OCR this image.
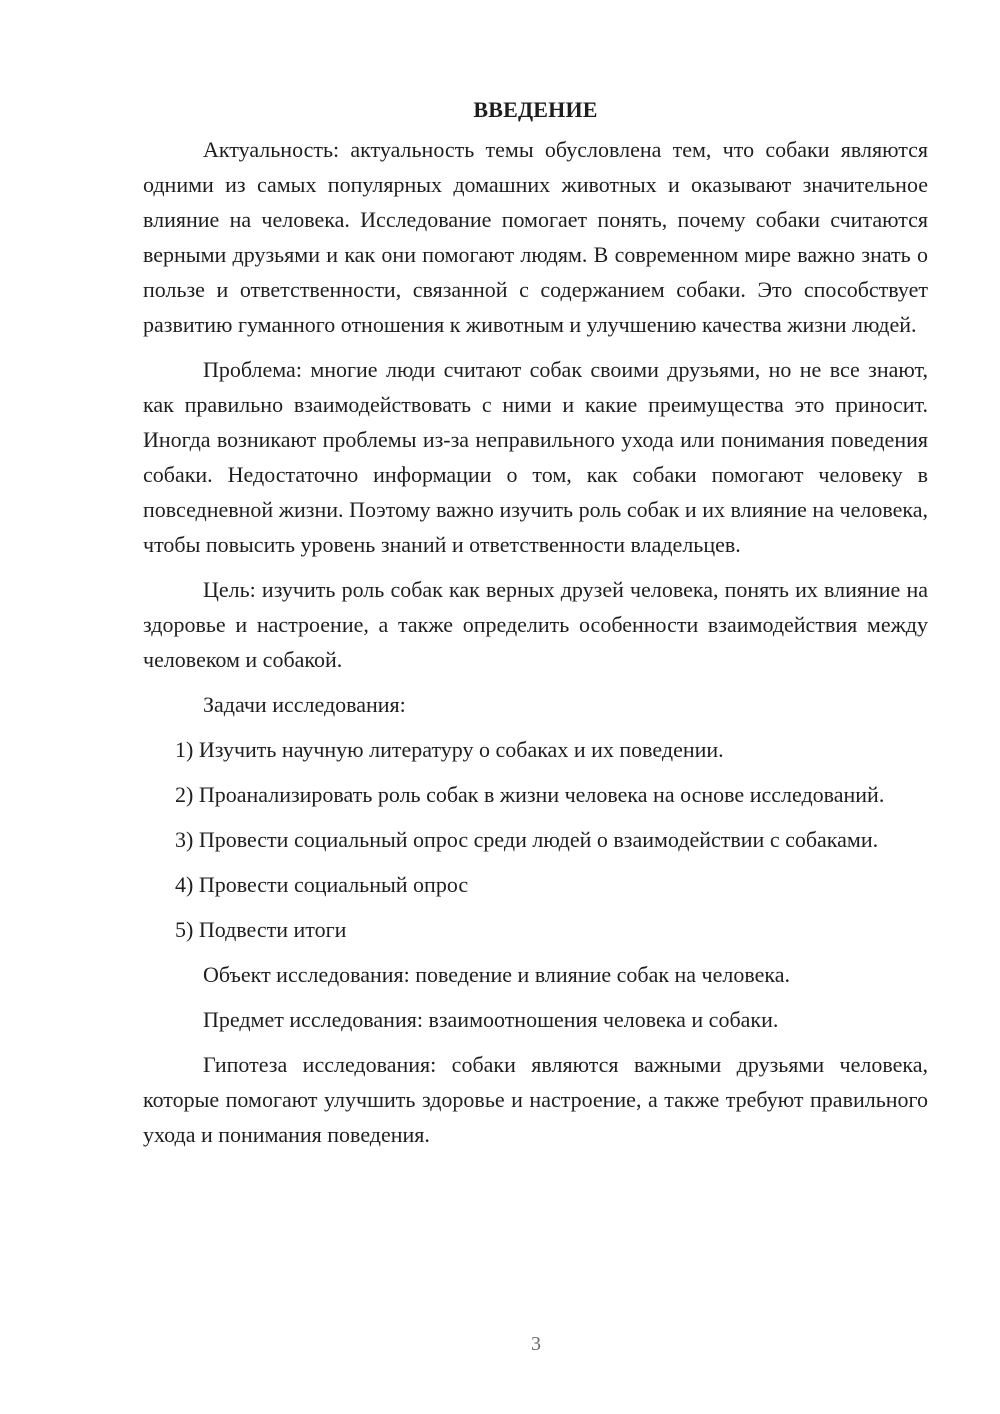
ВВЕДЕНИЕ

Актуальность: актуальность темы обусловлена тем, что собаки являются одними из самых популярных домашних животных и оказывают значительное влияние на человека. Исследование помогает понять, почему собаки считаются верными друзьями и как они помогают людям. В современном мире важно знать о пользе и ответственности, связанной с содержанием собаки. Это способствует развитию гуманного отношения к животным и улучшению качества жизни людей.

Проблема: многие люди считают собак своими друзьями, но не все знают, как правильно взаимодействовать с ними и какие преимущества это приносит. Иногда возникают проблемы из-за неправильного ухода или понимания поведения собаки. Недостаточно информации о том, как собаки помогают человеку в повседневной жизни. Поэтому важно изучить роль собак и их влияние на человека, чтобы повысить уровень знаний и ответственности владельцев.

Цель: изучить роль собак как верных друзей человека, понять их влияние на здоровье и настроение, а также определить особенности взаимодействия между человеком и собакой.

Задачи исследования:

1) Изучить научную литературу о собаках и их поведении.

2) Проанализировать роль собак в жизни человека на основе исследований.

3) Провести социальный опрос среди людей о взаимодействии с собаками.

4) Провести социальный опрос

5) Подвести итоги

Объект исследования: поведение и влияние собак на человека.

Предмет исследования: взаимоотношения человека и собаки.

Гипотеза исследования: собаки являются важными друзьями человека, которые помогают улучшить здоровье и настроение, а также требуют правильного ухода и понимания поведения.

3
